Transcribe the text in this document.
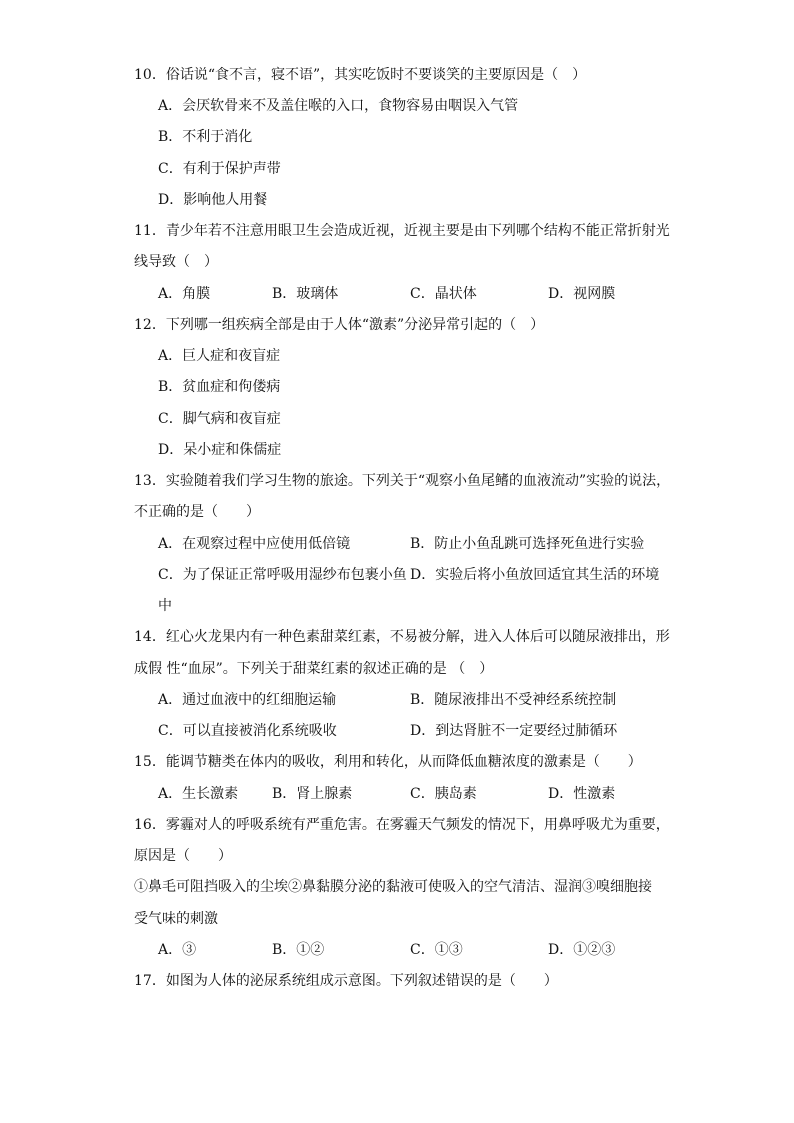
10．俗话说“食不言，寝不语”，其实吃饭时不要谈笑的主要原因是（　）
A．会厌软骨来不及盖住喉的入口，食物容易由咽误入气管
B．不利于消化
C．有利于保护声带
D．影响他人用餐
11．青少年若不注意用眼卫生会造成近视，近视主要是由下列哪个结构不能正常折射光
线导致（　）
A．角膜	B．玻璃体	C．晶状体	D．视网膜
12．下列哪一组疾病全部是由于人体“激素”分泌异常引起的（　）
A．巨人症和夜盲症
B．贫血症和佝偻病
C．脚气病和夜盲症
D．呆小症和侏儒症
13．实验随着我们学习生物的旅途。下列关于“观察小鱼尾鳍的血液流动”实验的说法，
不正确的是（　　）
A．在观察过程中应使用低倍镜	B．防止小鱼乱跳可选择死鱼进行实验
C．为了保证正常呼吸用湿纱布包裹小鱼 D．实验后将小鱼放回适宜其生活的环境
中
14．红心火龙果内有一种色素甜菜红素，不易被分解，进入人体后可以随尿液排出，形
成假 性“血尿”。下列关于甜菜红素的叙述正确的是 （　）
A．通过血液中的红细胞运输	B．随尿液排出不受神经系统控制
C．可以直接被消化系统吸收	D．到达肾脏不一定要经过肺循环
15．能调节糖类在体内的吸收，利用和转化，从而降低血糖浓度的激素是（　　）
A．生长激素 B．肾上腺素	C．胰岛素	D．性激素
16．雾霾对人的呼吸系统有严重危害。在雾霾天气频发的情况下，用鼻呼吸尤为重要，
原因是（　　）
①鼻毛可阻挡吸入的尘埃②鼻黏膜分泌的黏液可使吸入的空气清洁、湿润③嗅细胞接
受气味的刺激
A．③	B．①②	C．①③	D．①②③
17．如图为人体的泌尿系统组成示意图。下列叙述错误的是（　　）
